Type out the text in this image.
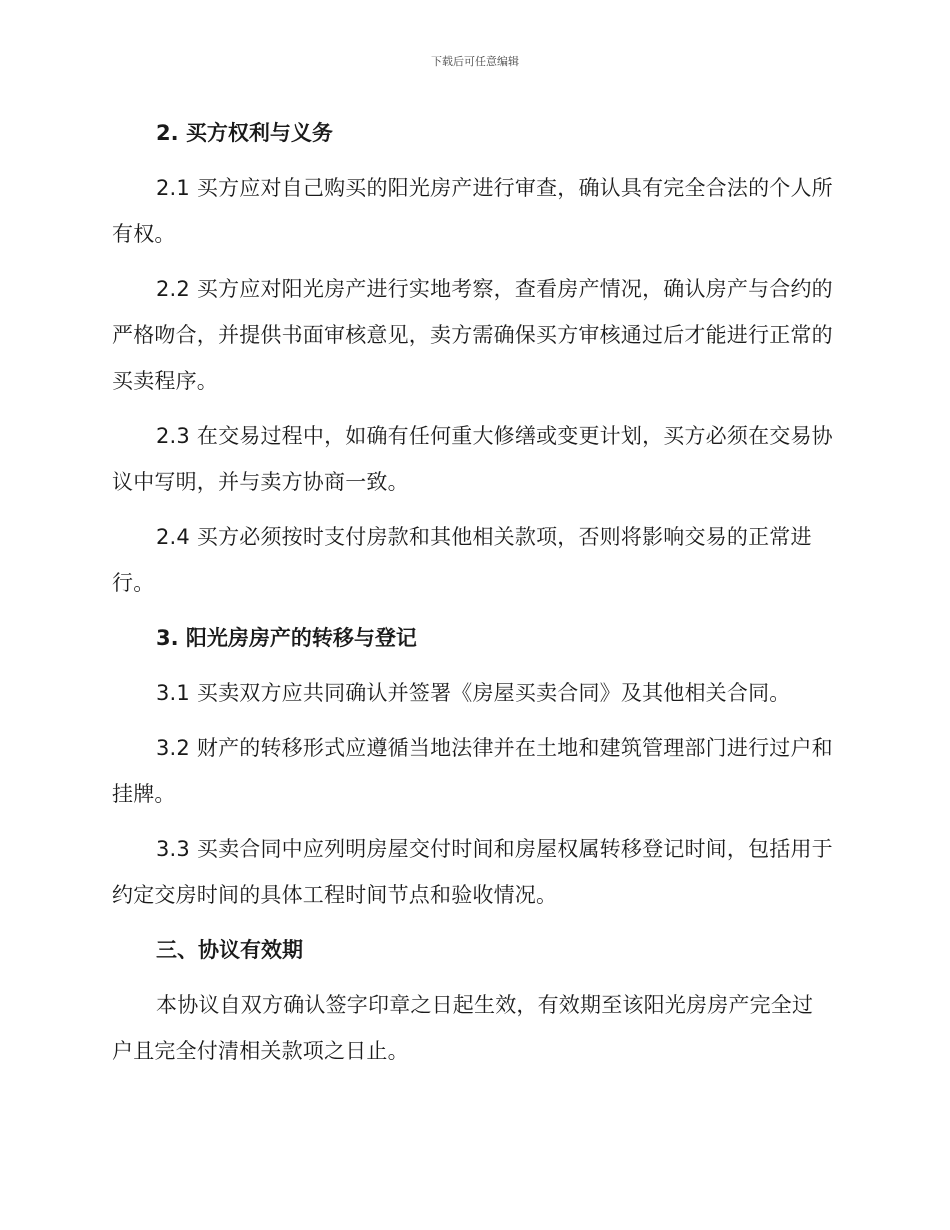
下载后可任意编辑
2. 买方权利与义务
2.1 买方应对自己购买的阳光房产进行审查，确认具有完全合法的个人所有权。
2.2 买方应对阳光房产进行实地考察，查看房产情况，确认房产与合约的严格吻合，并提供书面审核意见，卖方需确保买方审核通过后才能进行正常的买卖程序。
2.3 在交易过程中，如确有任何重大修缮或变更计划，买方必须在交易协议中写明，并与卖方协商一致。
2.4 买方必须按时支付房款和其他相关款项，否则将影响交易的正常进行。
3. 阳光房房产的转移与登记
3.1 买卖双方应共同确认并签署《房屋买卖合同》及其他相关合同。
3.2 财产的转移形式应遵循当地法律并在土地和建筑管理部门进行过户和挂牌。
3.3 买卖合同中应列明房屋交付时间和房屋权属转移登记时间，包括用于约定交房时间的具体工程时间节点和验收情况。
三、协议有效期
本协议自双方确认签字印章之日起生效，有效期至该阳光房房产完全过户且完全付清相关款项之日止。
